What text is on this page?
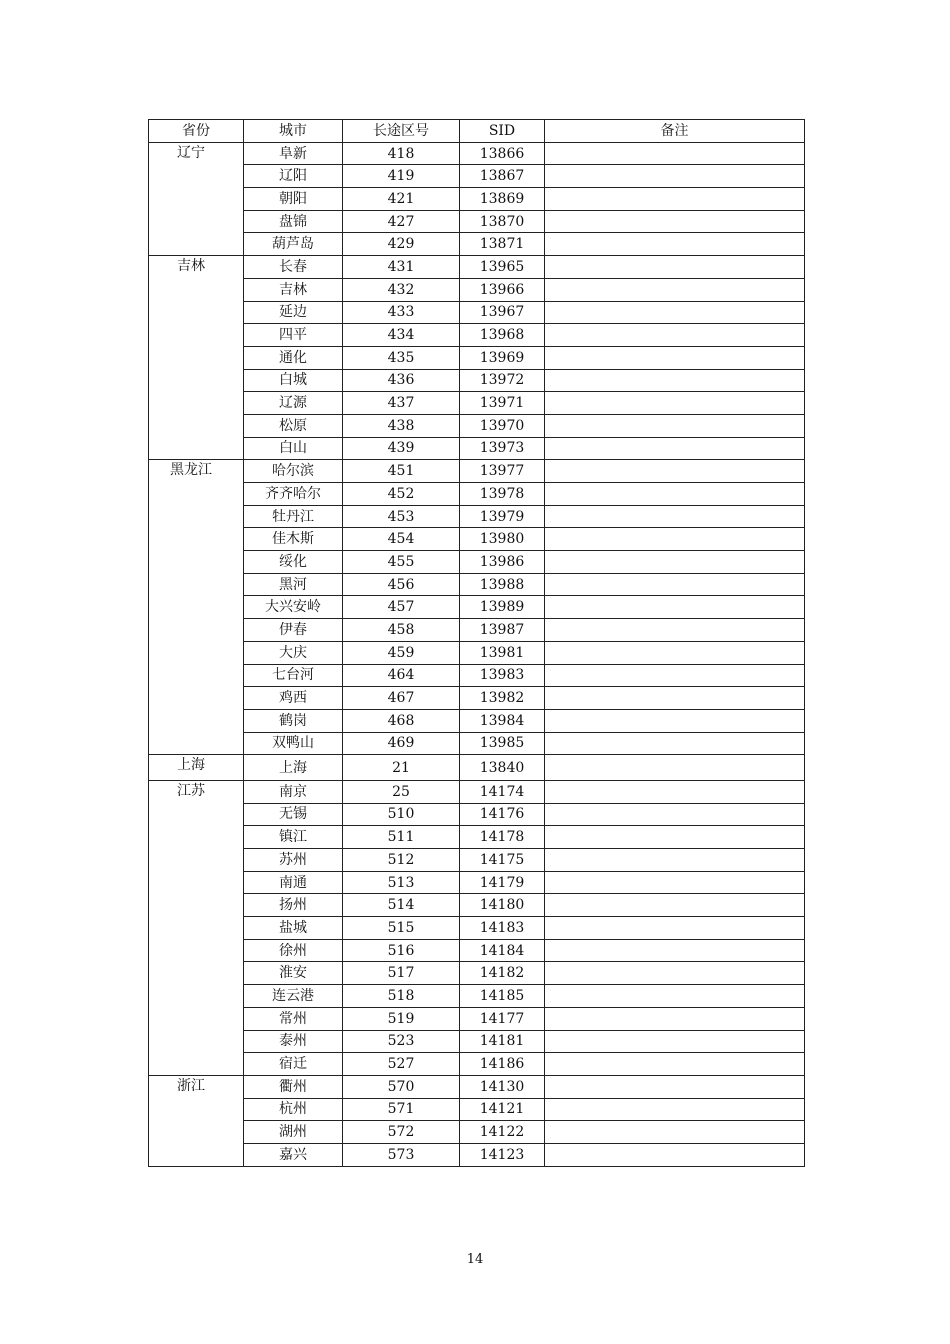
省份	城市	长途区号	SID	备注
辽宁	阜新	418	13866	
	辽阳	419	13867	
	朝阳	421	13869	
	盘锦	427	13870	
	葫芦岛	429	13871	
吉林	长春	431	13965	
	吉林	432	13966	
	延边	433	13967	
	四平	434	13968	
	通化	435	13969	
	白城	436	13972	
	辽源	437	13971	
	松原	438	13970	
	白山	439	13973	
黑龙江	哈尔滨	451	13977	
	齐齐哈尔	452	13978	
	牡丹江	453	13979	
	佳木斯	454	13980	
	绥化	455	13986	
	黑河	456	13988	
	大兴安岭	457	13989	
	伊春	458	13987	
	大庆	459	13981	
	七台河	464	13983	
	鸡西	467	13982	
	鹤岗	468	13984	
	双鸭山	469	13985	
上海	上海	21	13840	
江苏	南京	25	14174	
	无锡	510	14176	
	镇江	511	14178	
	苏州	512	14175	
	南通	513	14179	
	扬州	514	14180	
	盐城	515	14183	
	徐州	516	14184	
	淮安	517	14182	
	连云港	518	14185	
	常州	519	14177	
	泰州	523	14181	
	宿迁	527	14186	
浙江	衢州	570	14130	
	杭州	571	14121	
	湖州	572	14122	
	嘉兴	573	14123	
14
